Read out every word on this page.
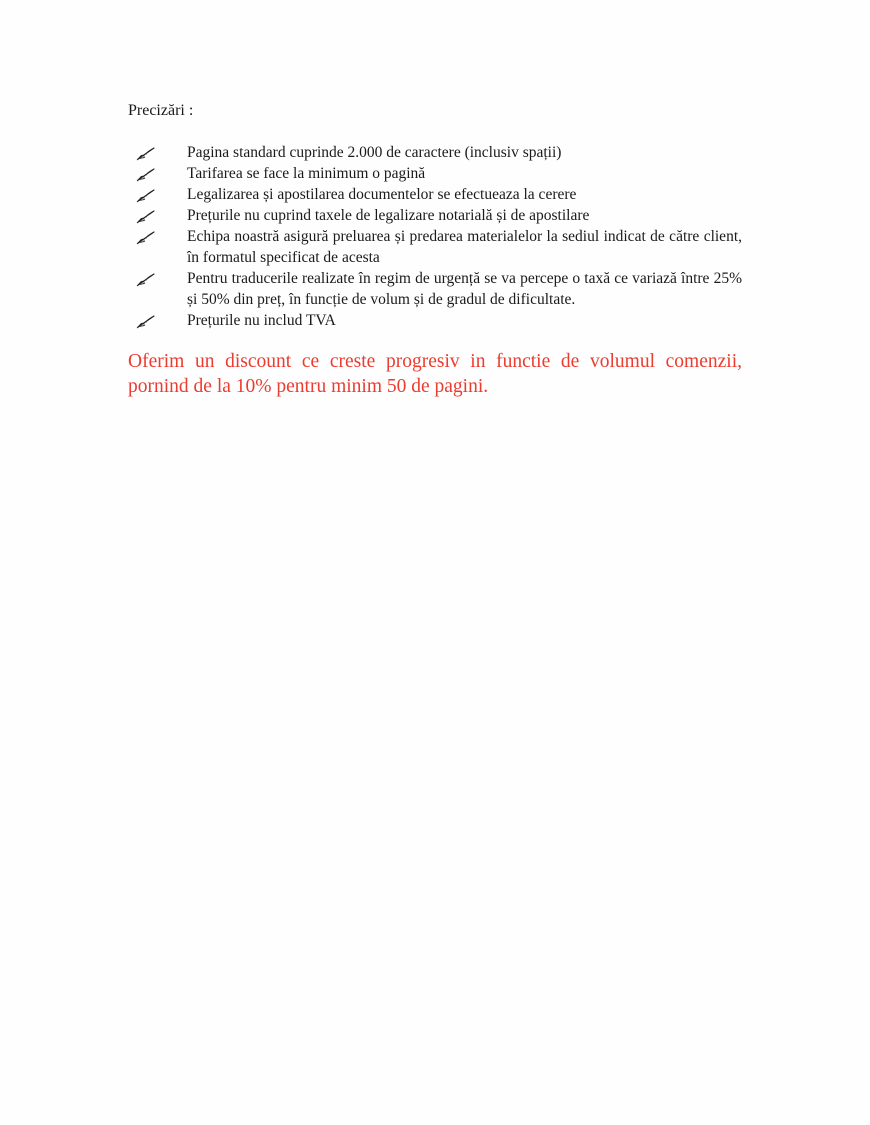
Precizări :
Pagina standard cuprinde 2.000 de caractere (inclusiv spații)
Tarifarea se face la minimum o pagină
Legalizarea și apostilarea documentelor se efectueaza la cerere
Prețurile nu cuprind taxele de legalizare notarială și de apostilare
Echipa noastră asigură preluarea și predarea materialelor la sediul indicat de către client, în formatul specificat de acesta
Pentru traducerile realizate în regim de urgență se va percepe o taxă ce variază între 25% și 50% din preț, în funcție de volum și de gradul de dificultate.
Prețurile nu includ TVA

Oferim un discount ce creste progresiv in functie de volumul comenzii, pornind de la 10% pentru minim 50 de pagini.
